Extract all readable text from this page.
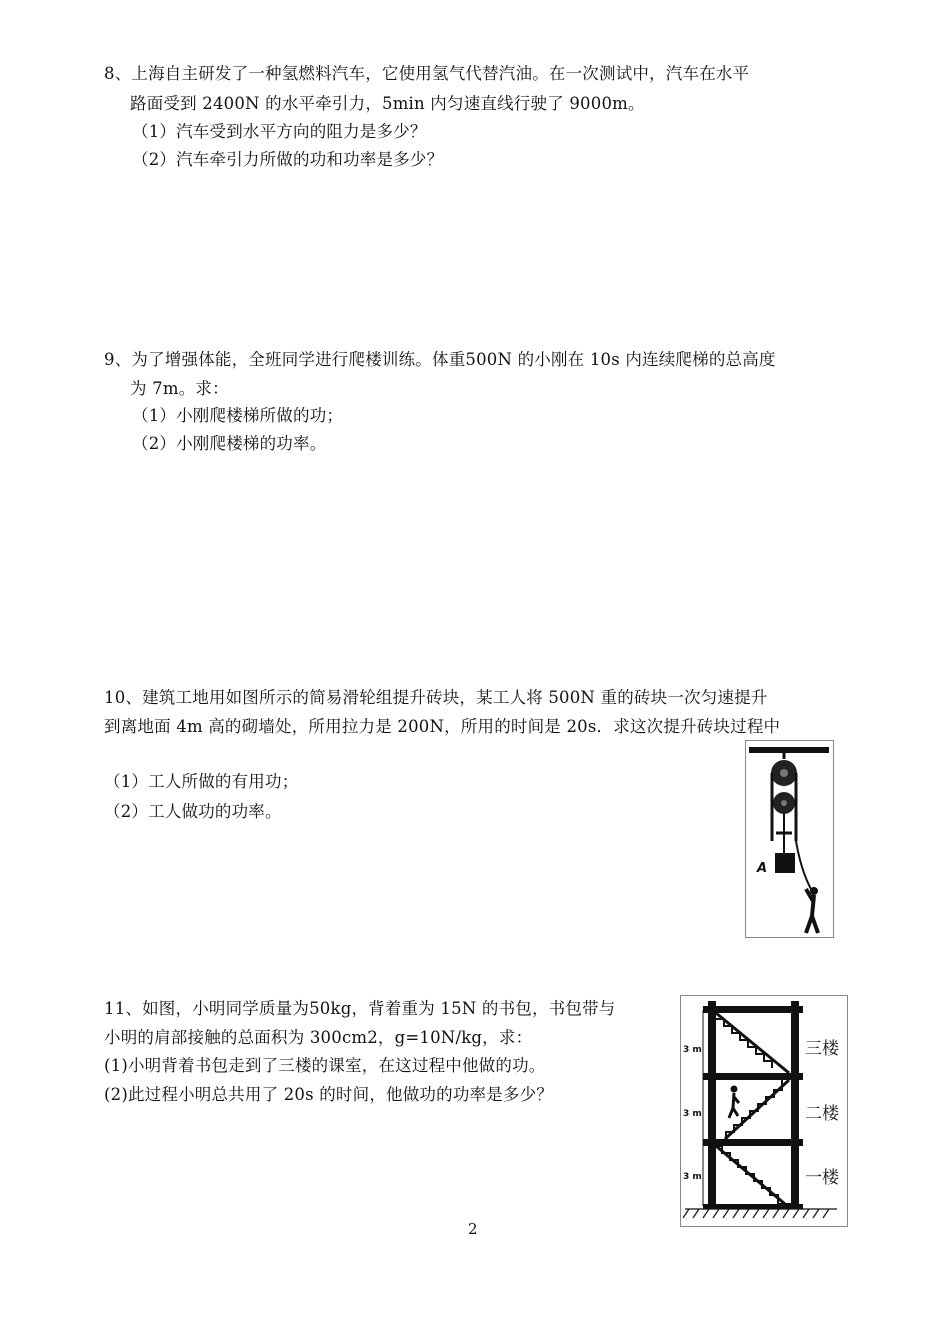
8、上海自主研发了一种氢燃料汽车，它使用氢气代替汽油。在一次测试中，汽车在水平
路面受到 2400N 的水平牵引力，5min 内匀速直线行驶了 9000m。
（1）汽车受到水平方向的阻力是多少？
（2）汽车牵引力所做的功和功率是多少？
9、为了增强体能，全班同学进行爬楼训练。体重500N 的小刚在 10s 内连续爬梯的总高度
为 7m。求：
（1）小刚爬楼梯所做的功；
（2）小刚爬楼梯的功率。
10、建筑工地用如图所示的简易滑轮组提升砖块，某工人将 500N 重的砖块一次匀速提升
到离地面 4m 高的砌墙处，所用拉力是 200N，所用的时间是 20s．求这次提升砖块过程中
（1）工人所做的有用功；
（2）工人做功的功率。
A
11、如图，小明同学质量为50kg，背着重为 15N 的书包，书包带与
小明的肩部接触的总面积为 300cm2，g=10N/kg，求：
(1)小明背着书包走到了三楼的课室，在这过程中他做的功。
(2)此过程小明总共用了 20s 的时间，他做功的功率是多少？
3 m
3 m
3 m
三楼
二楼
一楼
2
